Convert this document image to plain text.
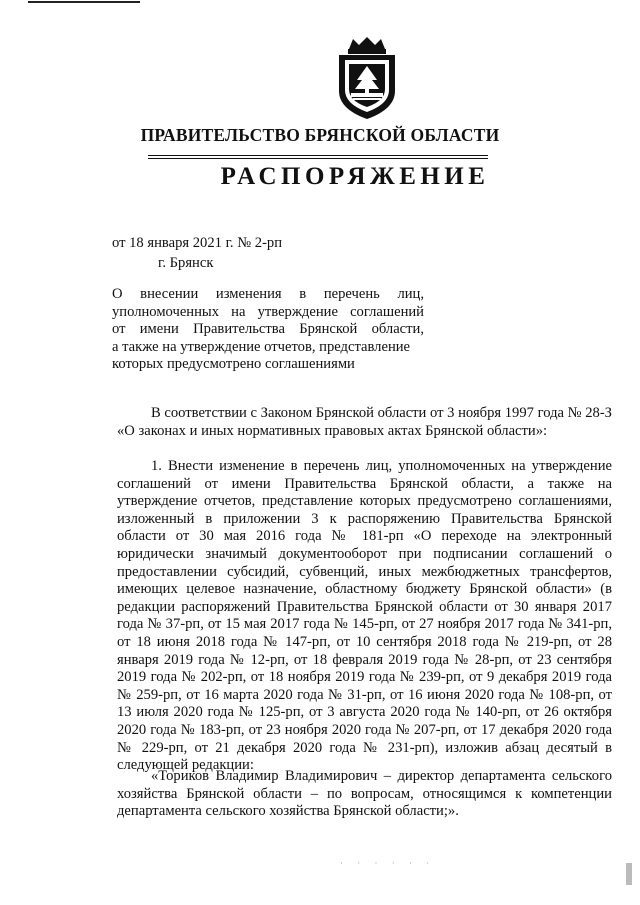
ПРАВИТЕЛЬСТВО БРЯНСКОЙ ОБЛАСТИ
РАСПОРЯЖЕНИЕ
от 18 января 2021 г. № 2-рп
г. Брянск
О внесении изменения в перечень лиц,
уполномоченных на утверждение соглашений
от имени Правительства Брянской области,
а также на утверждение отчетов, представление
которых предусмотрено соглашениями
В соответствии с Законом Брянской области от 3 ноября 1997 года № 28-З «О законах и иных нормативных правовых актах Брянской области»:
1. Внести изменение в перечень лиц, уполномоченных на утверждение соглашений от имени Правительства Брянской области, а также на утверждение отчетов, представление которых предусмотрено соглашениями, изложенный в приложении 3 к распоряжению Правительства Брянской области от 30 мая 2016 года № 181-рп «О переходе на электронный юридически значимый документооборот при подписании соглашений о предоставлении субсидий, субвенций, иных межбюджетных трансфертов, имеющих целевое назначение, областному бюджету Брянской области» (в редакции распоряжений Правительства Брянской области от 30 января 2017 года № 37-рп, от 15 мая 2017 года № 145-рп, от 27 ноября 2017 года № 341-рп, от 18 июня 2018 года № 147-рп, от 10 сентября 2018 года № 219-рп, от 28 января 2019 года № 12-рп, от 18 февраля 2019 года № 28-рп, от 23 сентября 2019 года № 202-рп, от 18 ноября 2019 года № 239-рп, от 9 декабря 2019 года № 259-рп, от 16 марта 2020 года № 31-рп, от 16 июня 2020 года № 108-рп, от 13 июля 2020 года № 125-рп, от 3 августа 2020 года № 140-рп, от 26 октября 2020 года № 183-рп, от 23 ноября 2020 года № 207-рп, от 17 декабря 2020 года № 229-рп, от 21 декабря 2020 года № 231-рп), изложив абзац десятый в следующей редакции:
«Ториков Владимир Владимирович – директор департамента сельского хозяйства Брянской области – по вопросам, относящимся к компетенции департамента сельского хозяйства Брянской области;».
· · · · · ·
